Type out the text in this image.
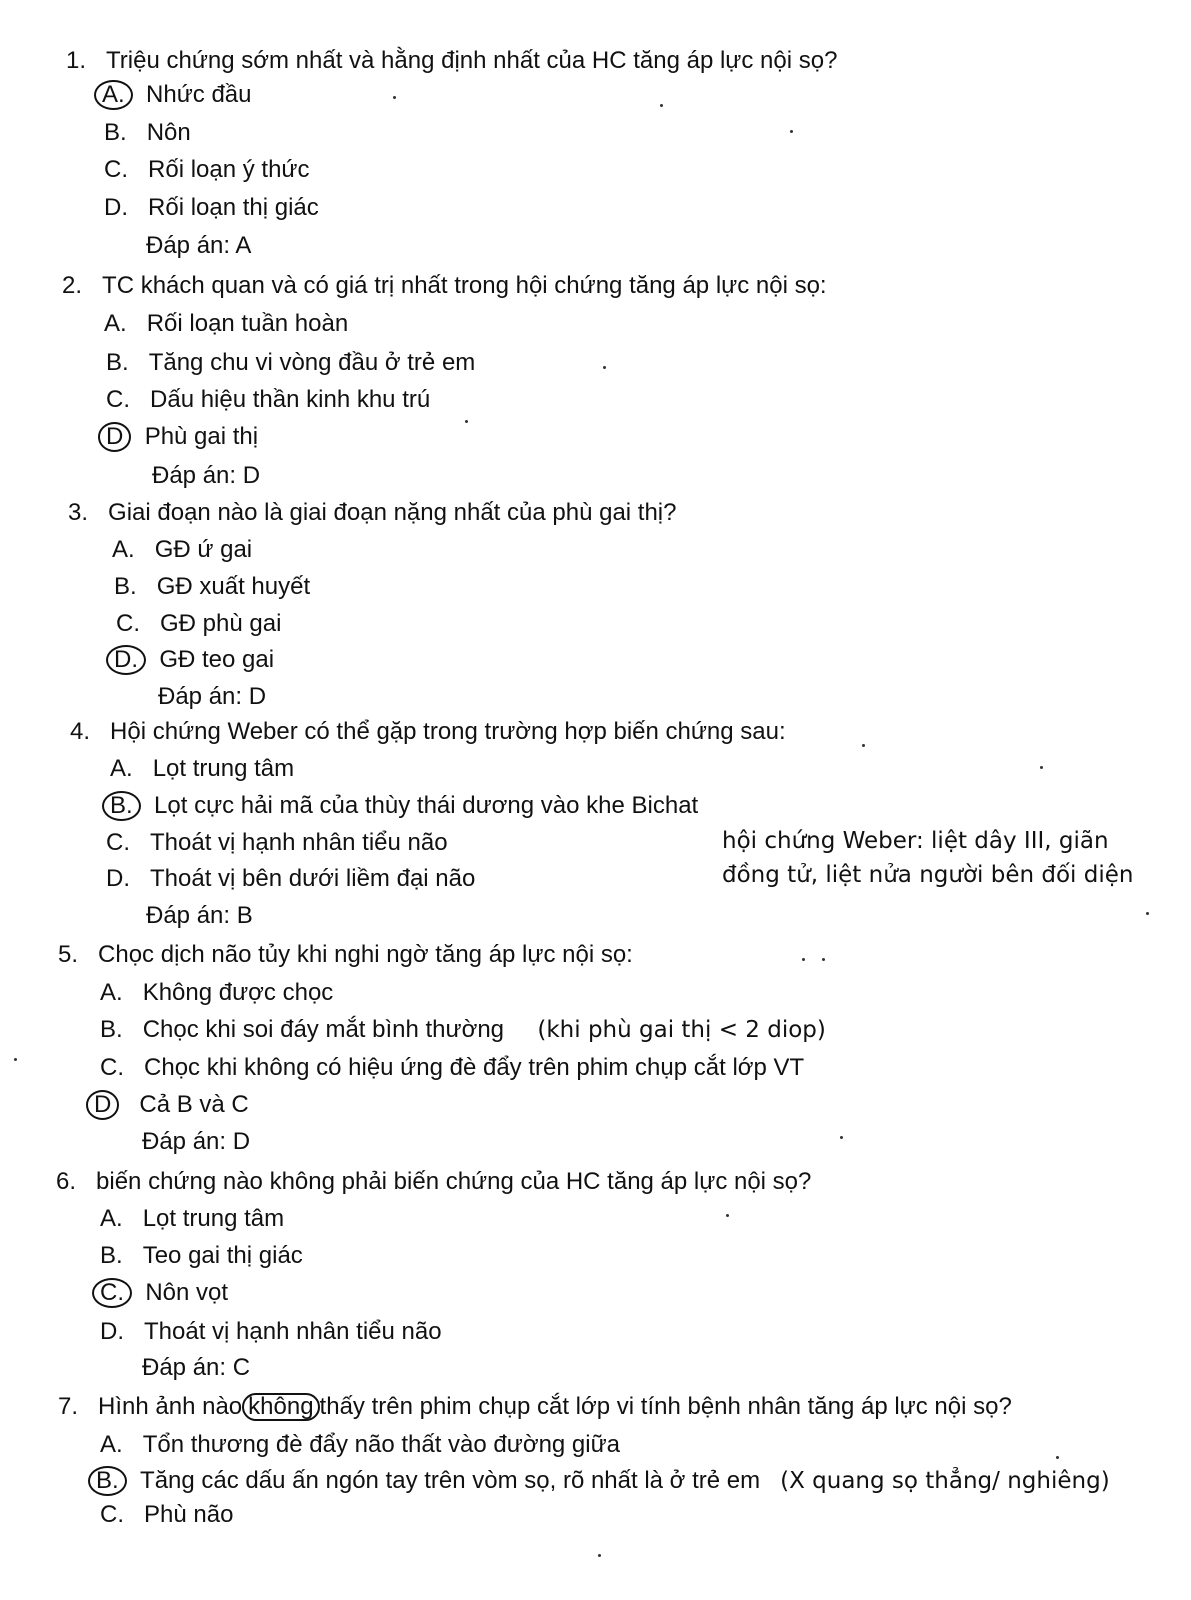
1. Triệu chứng sớm nhất và hằng định nhất của HC tăng áp lực nội sọ?
A. Nhức đầu
B. Nôn
C. Rối loạn ý thức
D. Rối loạn thị giác
Đáp án: A
2. TC khách quan và có giá trị nhất trong hội chứng tăng áp lực nội sọ:
A. Rối loạn tuần hoàn
B. Tăng chu vi vòng đầu ở trẻ em
C. Dấu hiệu thần kinh khu trú
D Phù gai thị
Đáp án: D
3. Giai đoạn nào là giai đoạn nặng nhất của phù gai thị?
A. GĐ ứ gai
B. GĐ xuất huyết
C. GĐ phù gai
D. GĐ teo gai
Đáp án: D
4. Hội chứng Weber có thể gặp trong trường hợp biến chứng sau:
A. Lọt trung tâm
B. Lọt cực hải mã của thùy thái dương vào khe Bichat
C. Thoát vị hạnh nhân tiểu não
D. Thoát vị bên dưới liềm đại não
hội chứng Weber: liệt dây III, giãn
đồng tử, liệt nửa người bên đối diện
Đáp án: B
5. Chọc dịch não tủy khi nghi ngờ tăng áp lực nội sọ:
A. Không được chọc
B. Chọc khi soi đáy mắt bình thường (khi phù gai thị < 2 diop)
C. Chọc khi không có hiệu ứng đè đẩy trên phim chụp cắt lớp VT
D Cả B và C
Đáp án: D
6. biến chứng nào không phải biến chứng của HC tăng áp lực nội sọ?
A. Lọt trung tâm
B. Teo gai thị giác
C. Nôn vọt
D. Thoát vị hạnh nhân tiểu não
Đáp án: C
7. Hình ảnh nào không thấy trên phim chụp cắt lớp vi tính bệnh nhân tăng áp lực nội sọ?
A. Tổn thương đè đẩy não thất vào đường giữa
B. Tăng các dấu ấn ngón tay trên vòm sọ, rõ nhất là ở trẻ em (X quang sọ thẳng/ nghiêng)
C. Phù não
